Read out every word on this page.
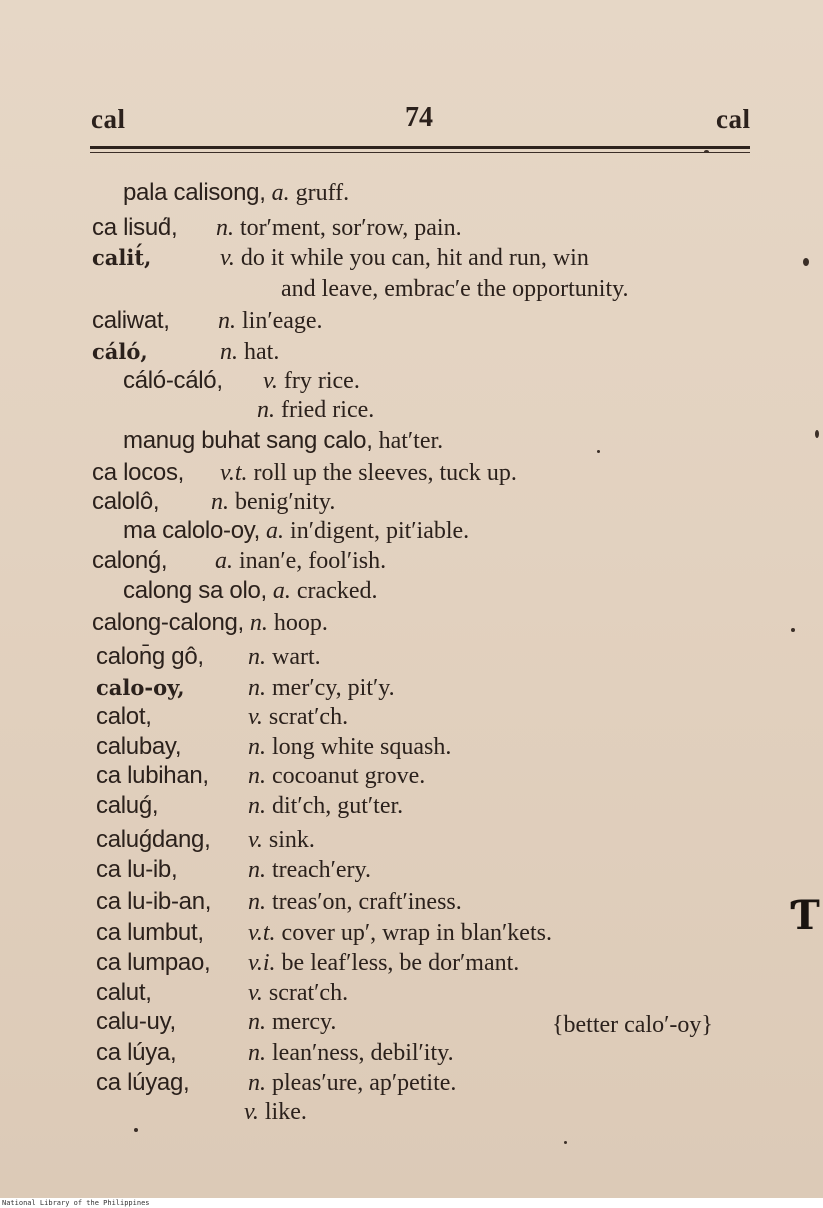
cal	74	cal
pala calisong, a. gruff.
ca lisud́, n. tor′ment, sor′row, pain.
calit́,	v. do it while you can, hit and run, win
and leave, embrac′e the opportunity.
caliwat, n. lin′eage.
cáló,	n. hat.
cáló-cáló, v. fry rice.
n. fried rice.
manug buhat sang calo, hat′ter.
ca locos, v.t. roll up the sleeves, tuck up.
calolô, n. benig′nity.
ma calolo-oy, a. in′digent, pit′iable.
calonǵ, a. inan′e, fool′ish.
calong sa olo, a. cracked.
calong-calong, n. hoop.
calon̄g gô, n. wart.
calo-oy,	n. mer′cy, pit′y.
calot,	v. scrat′ch.
calubay,	n. long white squash.
ca lubihan, n. cocoanut grove.
caluǵ,	n. dit′ch, gut′ter.
caluǵdang, v. sink.
ca lu-ib,	n. treach′ery.
ca lu-ib-an, n. treas′on, craft′iness.
ca lumbut, v.t. cover up′, wrap in blan′kets.
ca lumpao, v.i. be leaf′less, be dor′mant.
calut,	v. scrat′ch.
calu-uy,	n. mercy.
ca lúya,	n. lean′ness, debil′ity.
ca lúyag, n. pleas′ure, ap′petite.
v. like.
{better calo′-oy}
Ƭ
National Library of the Philippines
